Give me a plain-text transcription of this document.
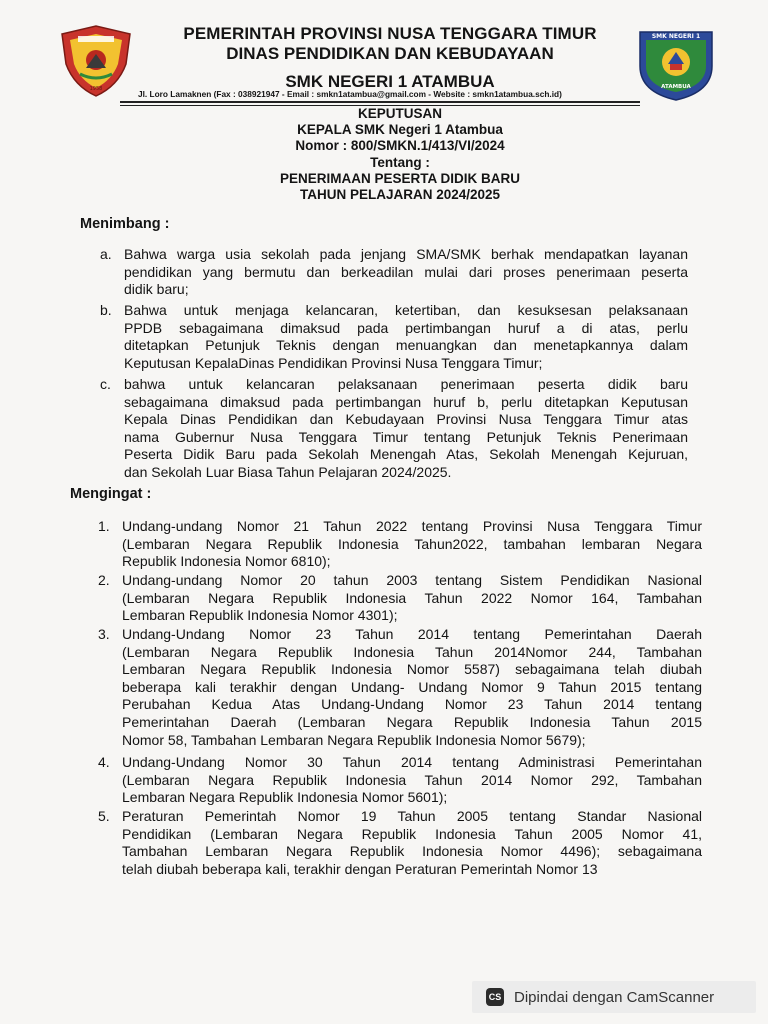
1958
PEMERINTAH PROVINSI NUSA TENGGARA TIMUR
DINAS PENDIDIKAN DAN KEBUDAYAAN
SMK NEGERI 1 ATAMBUA
SMK NEGERI 1
ATAMBUA
Jl. Loro Lamaknen (Fax : 038921947 - Email : smkn1atambua@gmail.com - Website : smkn1atambua.sch.id)
KEPUTUSAN
KEPALA SMK Negeri 1 Atambua
Nomor : 800/SMKN.1/413/VI/2024
Tentang :
PENERIMAAN PESERTA DIDIK BARU
TAHUN PELAJARAN 2024/2025
Menimbang :
a. Bahwa warga usia sekolah pada jenjang SMA/SMK berhak mendapatkan layanan
pendidikan yang bermutu dan berkeadilan mulai dari proses penerimaan peserta
didik baru;
b. Bahwa untuk menjaga kelancaran, ketertiban, dan kesuksesan pelaksanaan
PPDB sebagaimana dimaksud pada pertimbangan huruf a di atas, perlu
ditetapkan Petunjuk Teknis dengan menuangkan dan menetapkannya dalam
Keputusan KepalaDinas Pendidikan Provinsi Nusa Tenggara Timur;
c. bahwa untuk kelancaran pelaksanaan penerimaan peserta didik baru
sebagaimana dimaksud pada pertimbangan huruf b, perlu ditetapkan Keputusan
Kepala Dinas Pendidikan dan Kebudayaan Provinsi Nusa Tenggara Timur atas
nama Gubernur Nusa Tenggara Timur tentang Petunjuk Teknis Penerimaan
Peserta Didik Baru pada Sekolah Menengah Atas, Sekolah Menengah Kejuruan,
dan Sekolah Luar Biasa Tahun Pelajaran 2024/2025.
Mengingat :
1. Undang-undang Nomor 21 Tahun 2022 tentang Provinsi Nusa Tenggara Timur
(Lembaran Negara Republik Indonesia Tahun2022, tambahan lembaran Negara
Republik Indonesia Nomor 6810);
2. Undang-undang Nomor 20 tahun 2003 tentang Sistem Pendidikan Nasional
(Lembaran Negara Republik Indonesia Tahun 2022 Nomor 164, Tambahan
Lembaran Republik Indonesia Nomor 4301);
3. Undang-Undang Nomor 23 Tahun 2014 tentang Pemerintahan Daerah
(Lembaran Negara Republik Indonesia Tahun 2014Nomor 244, Tambahan
Lembaran Negara Republik Indonesia Nomor 5587) sebagaimana telah diubah
beberapa kali terakhir dengan Undang- Undang Nomor 9 Tahun 2015 tentang
Perubahan Kedua Atas Undang-Undang Nomor 23 Tahun 2014 tentang
Pemerintahan Daerah (Lembaran Negara Republik Indonesia Tahun 2015
Nomor 58, Tambahan Lembaran Negara Republik Indonesia Nomor 5679);
4. Undang-Undang Nomor 30 Tahun 2014 tentang Administrasi Pemerintahan
(Lembaran Negara Republik Indonesia Tahun 2014 Nomor 292, Tambahan
Lembaran Negara Republik Indonesia Nomor 5601);
5. Peraturan Pemerintah Nomor 19 Tahun 2005 tentang Standar Nasional
Pendidikan (Lembaran Negara Republik Indonesia Tahun 2005 Nomor 41,
Tambahan Lembaran Negara Republik Indonesia Nomor 4496); sebagaimana
telah diubah beberapa kali, terakhir dengan Peraturan Pemerintah Nomor 13
CS Dipindai dengan CamScanner
